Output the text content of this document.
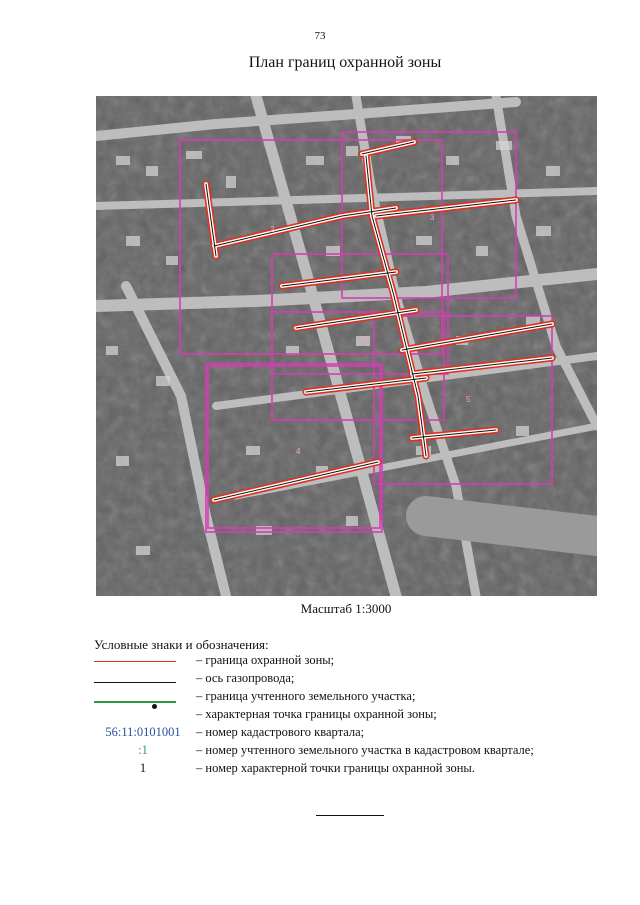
73
План границ охранной зоны
3
2
3
4
5
Масштаб 1:3000
Условные знаки и обозначения:
– граница охранной зоны;
– ось газопровода;
– граница учтенного земельного участка;
– характерная точка границы охранной зоны;
56:11:0101001	– номер кадастрового квартала;
:1	– номер учтенного земельного участка в кадастровом квартале;
1	– номер характерной точки границы охранной зоны.
